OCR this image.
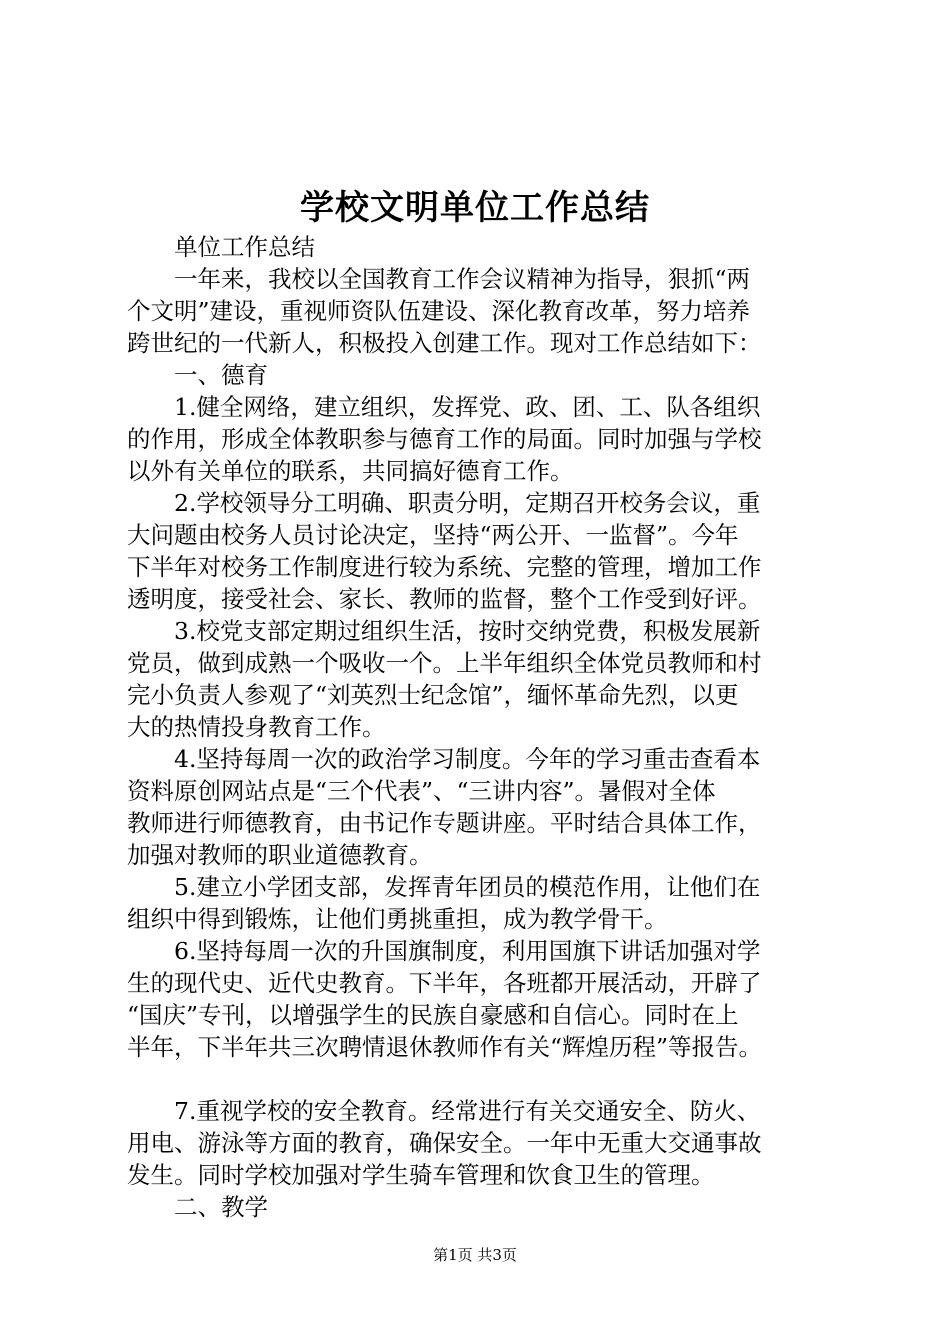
学校文明单位工作总结
　　单位工作总结
　　一年来，我校以全国教育工作会议精神为指导，狠抓“两
个文明”建设，重视师资队伍建设、深化教育改革，努力培养
跨世纪的一代新人，积极投入创建工作。现对工作总结如下：
　　一、德育
　　1.健全网络，建立组织，发挥党、政、团、工、队各组织
的作用，形成全体教职参与德育工作的局面。同时加强与学校
以外有关单位的联系，共同搞好德育工作。
　　2.学校领导分工明确、职责分明，定期召开校务会议，重
大问题由校务人员讨论决定，坚持“两公开、一监督”。今年
下半年对校务工作制度进行较为系统、完整的管理，增加工作
透明度，接受社会、家长、教师的监督，整个工作受到好评。
　　3.校党支部定期过组织生活，按时交纳党费，积极发展新
党员，做到成熟一个吸收一个。上半年组织全体党员教师和村
完小负责人参观了“刘英烈士纪念馆”，缅怀革命先烈，以更
大的热情投身教育工作。
　　4.坚持每周一次的政治学习制度。今年的学习重击查看本
资料原创网站点是“三个代表”、“三讲内容”。暑假对全体
教师进行师德教育，由书记作专题讲座。平时结合具体工作，
加强对教师的职业道德教育。
　　5.建立小学团支部，发挥青年团员的模范作用，让他们在
组织中得到锻炼，让他们勇挑重担，成为教学骨干。
　　6.坚持每周一次的升国旗制度，利用国旗下讲话加强对学
生的现代史、近代史教育。下半年，各班都开展活动，开辟了
“国庆”专刊，以增强学生的民族自豪感和自信心。同时在上
半年，下半年共三次聘情退休教师作有关“辉煌历程”等报告。
　　7.重视学校的安全教育。经常进行有关交通安全、防火、
用电、游泳等方面的教育，确保安全。一年中无重大交通事故
发生。同时学校加强对学生骑车管理和饮食卫生的管理。
　　二、教学
第1页 共3页
